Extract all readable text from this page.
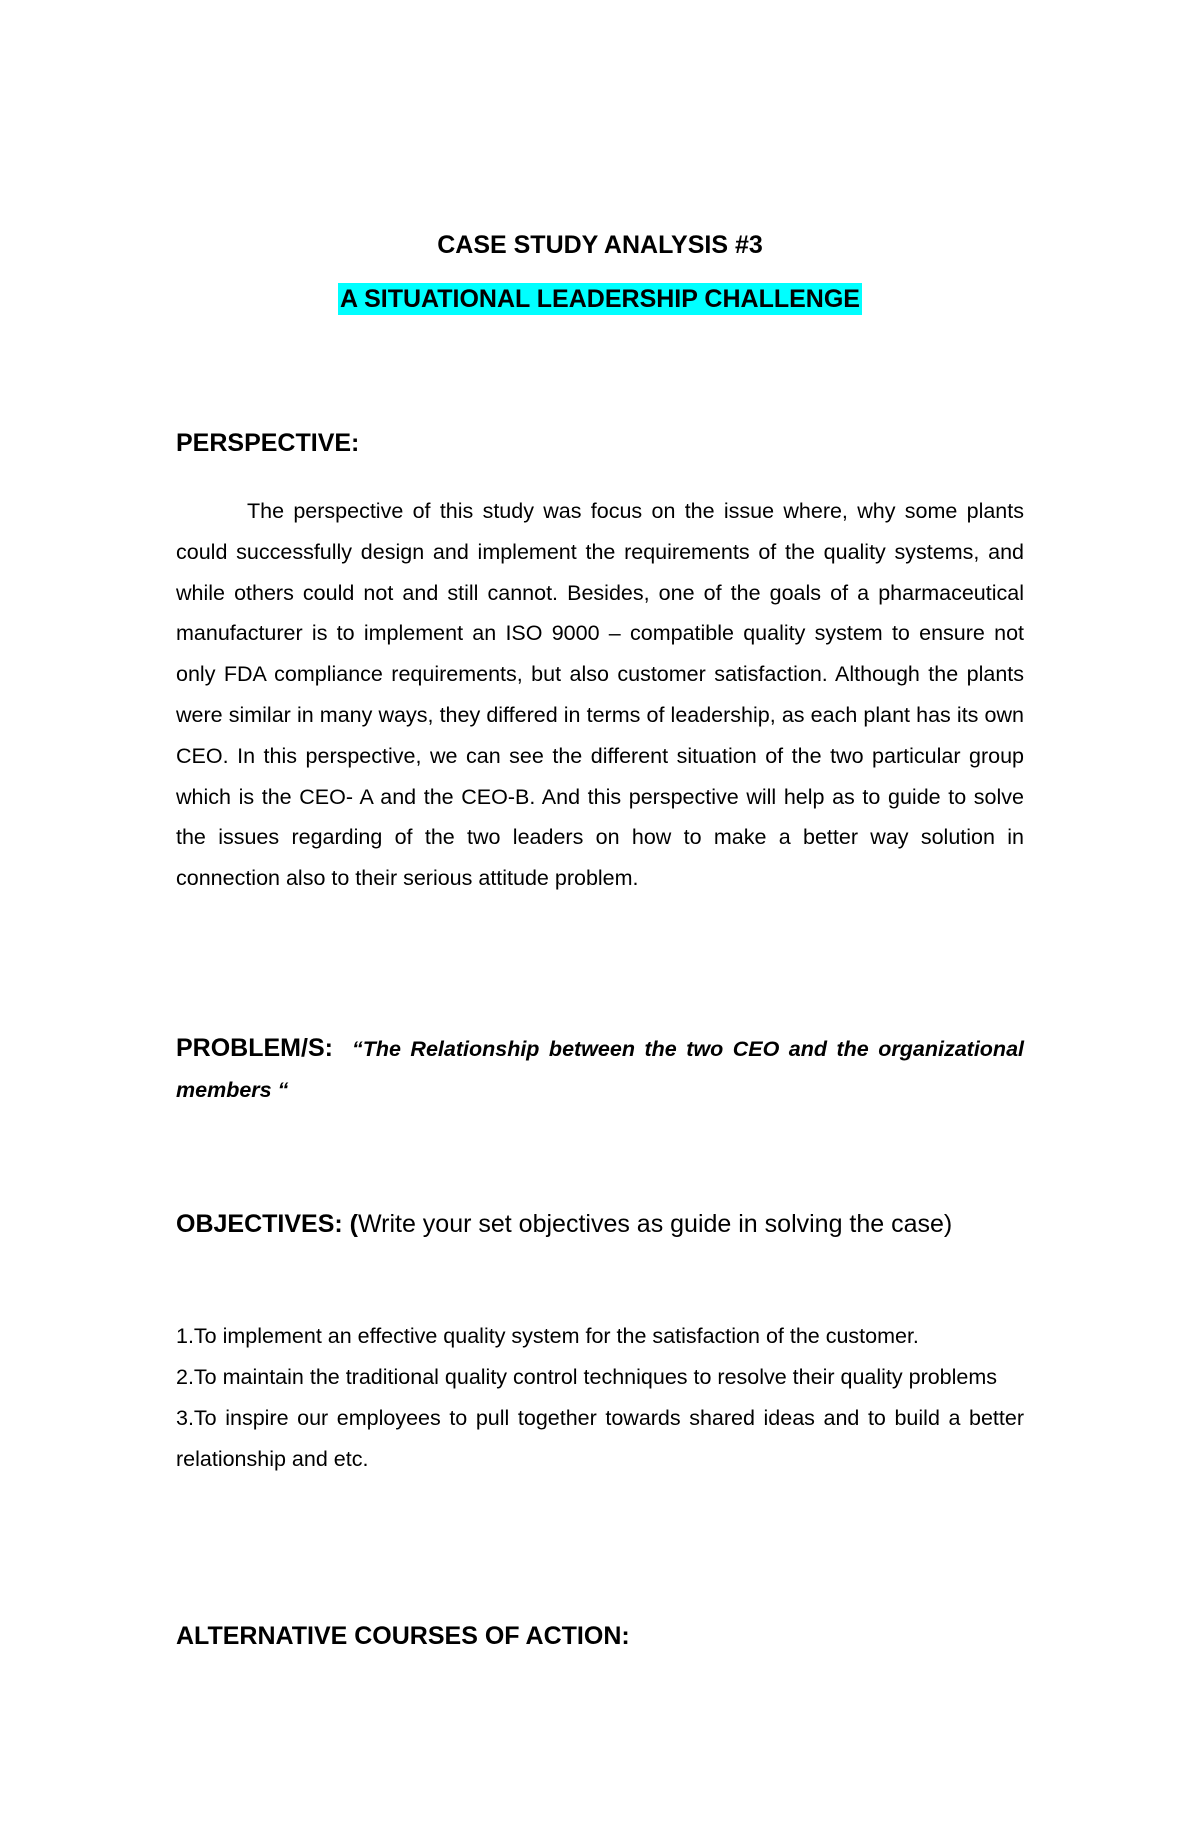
CASE STUDY ANALYSIS #3
A SITUATIONAL LEADERSHIP CHALLENGE
PERSPECTIVE:

The perspective of this study was focus on the issue where, why some plants could successfully design and implement the requirements of the quality systems, and while others could not and still cannot. Besides, one of the goals of a pharmaceutical manufacturer is to implement an ISO 9000 – compatible quality system to ensure not only FDA compliance requirements, but also customer satisfaction. Although the plants were similar in many ways, they differed in terms of leadership, as each plant has its own CEO. In this perspective, we can see the different situation of the two particular group which is the CEO- A and the CEO-B. And this perspective will help as to guide to solve the issues regarding of the two leaders on how to make a better way solution in connection also to their serious attitude problem.

PROBLEM/S: “The Relationship between the two CEO and the organizational members “

OBJECTIVES: (Write your set objectives as guide in solving the case)

1.To implement an effective quality system for the satisfaction of the customer.
2.To maintain the traditional quality control techniques to resolve their quality problems
3.To inspire our employees to pull together towards shared ideas and to build a better relationship and etc.
ALTERNATIVE COURSES OF ACTION:
